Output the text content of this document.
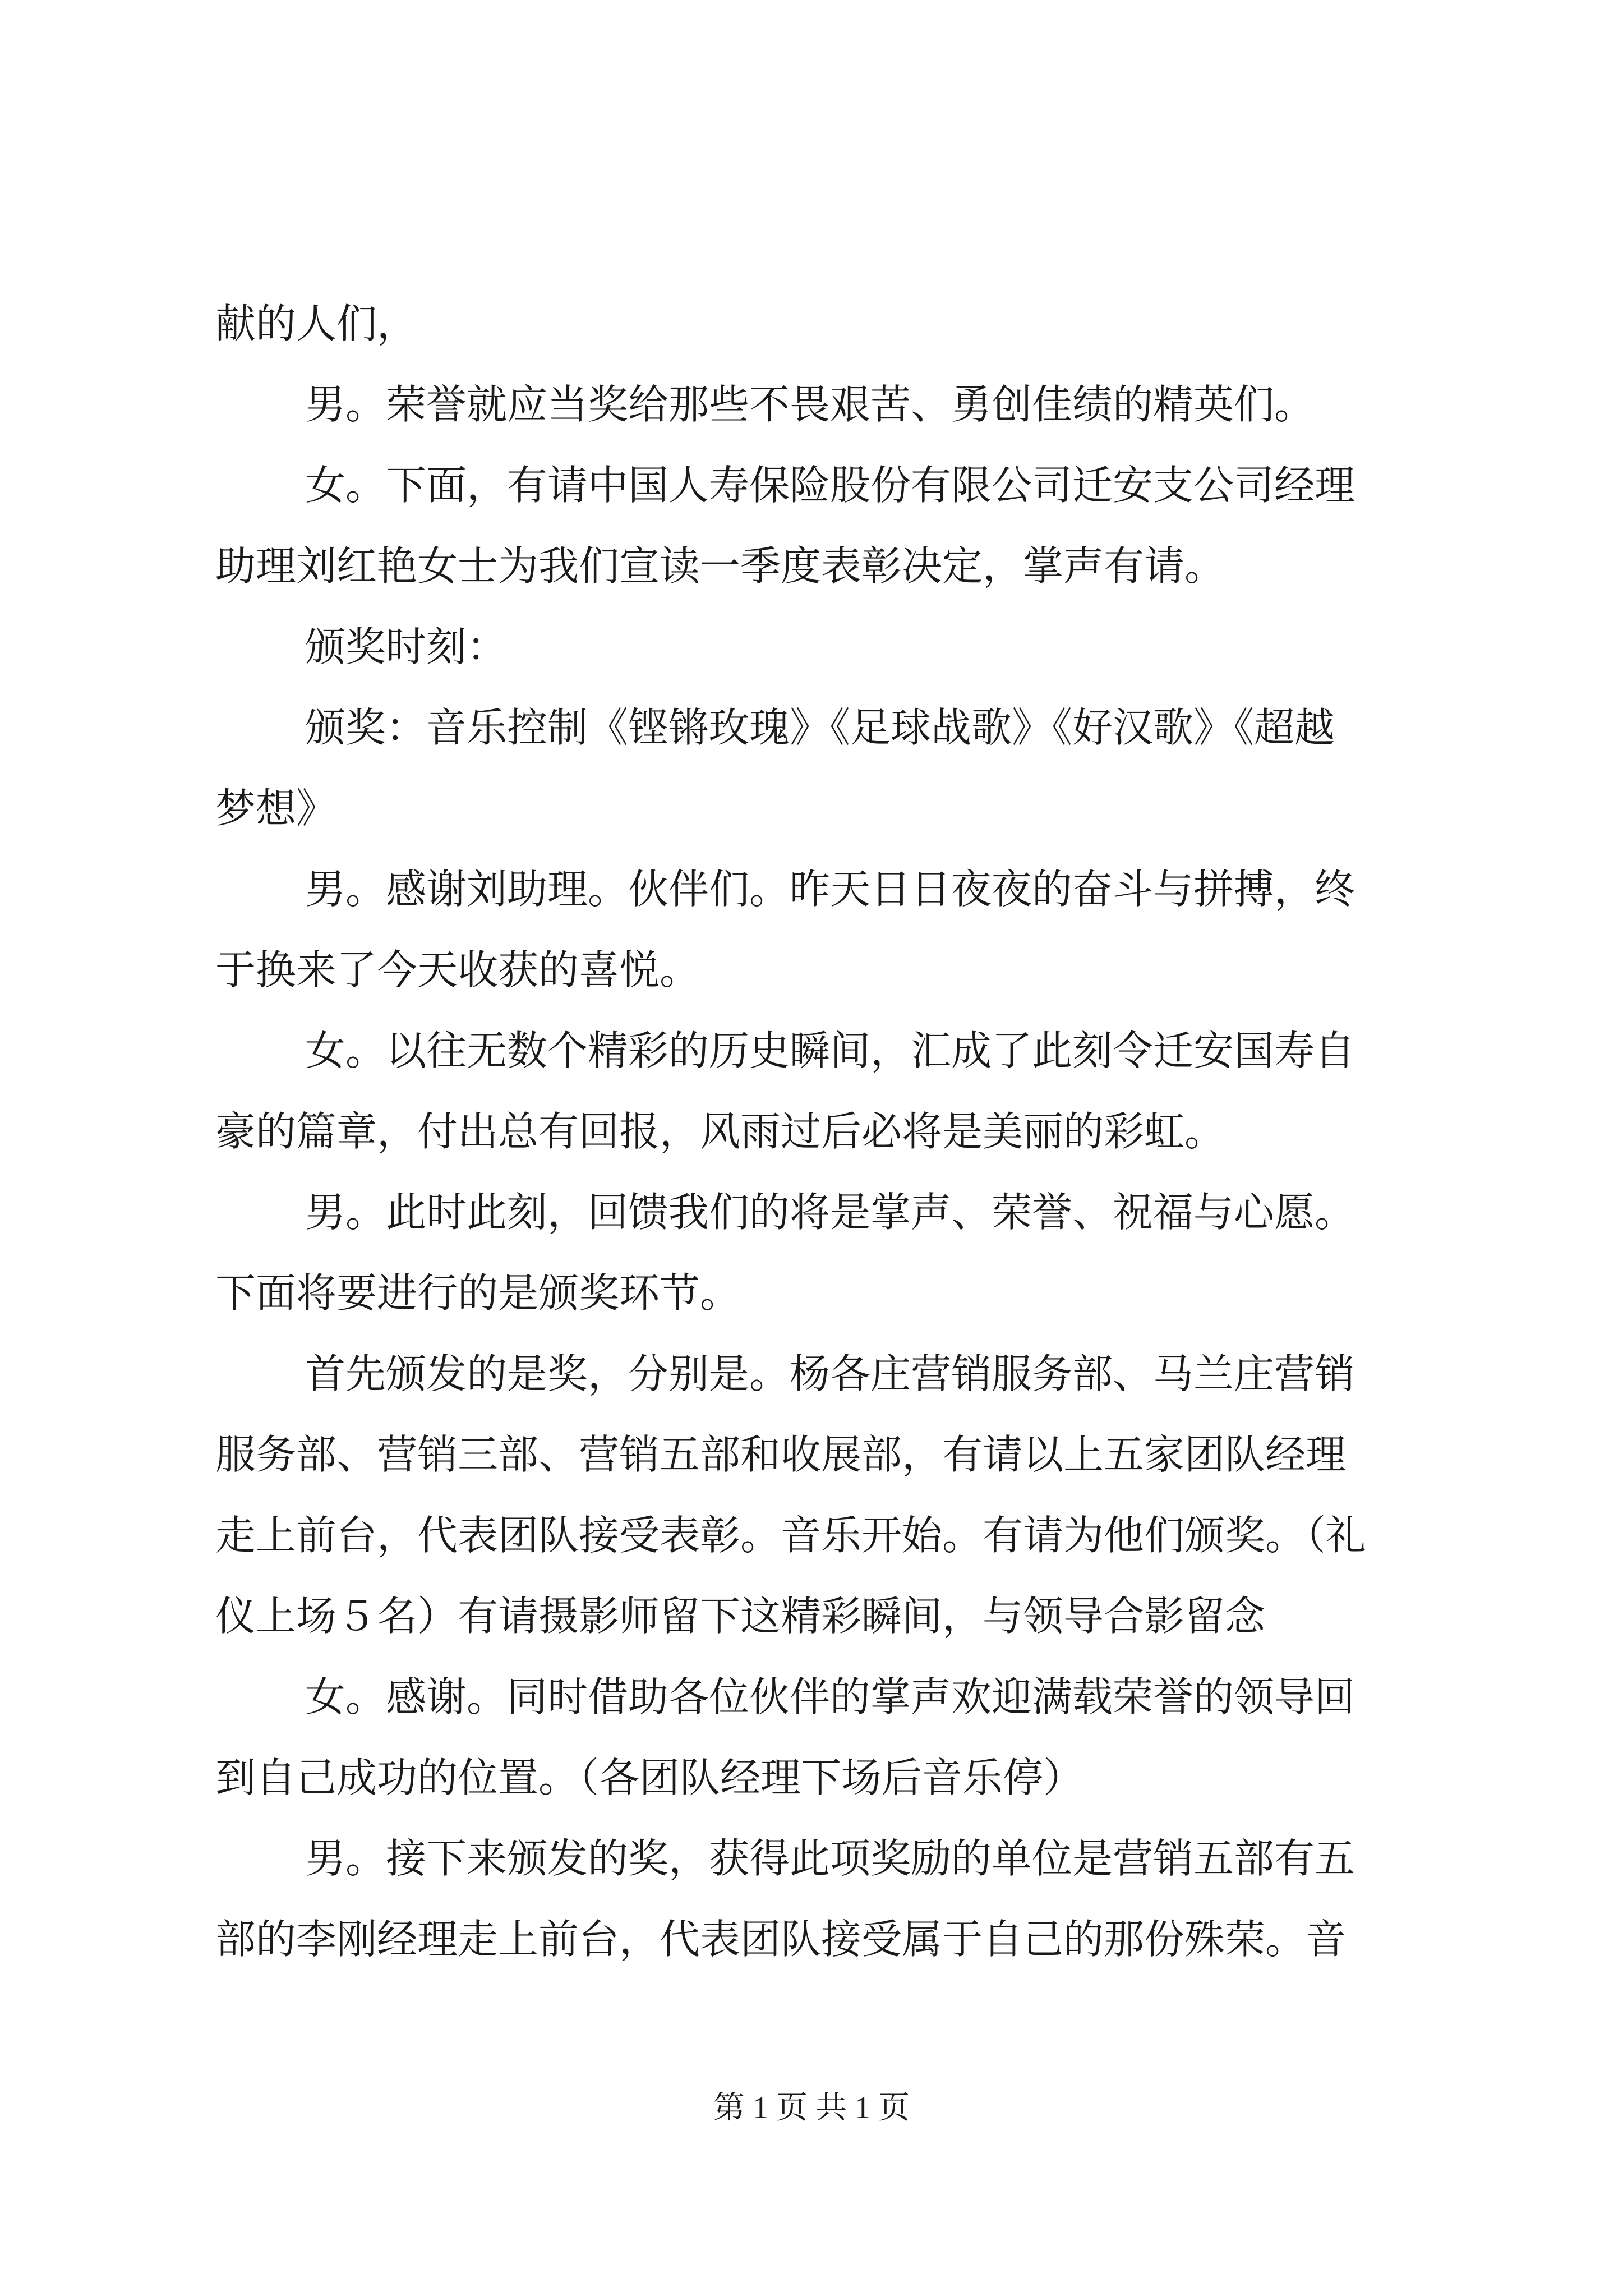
献的人们，
男。荣誉就应当奖给那些不畏艰苦、勇创佳绩的精英们。
女。下面，有请中国人寿保险股份有限公司迁安支公司经理
助理刘红艳女士为我们宣读一季度表彰决定，掌声有请。
颁奖时刻：
颁奖：音乐控制《铿锵玫瑰》《足球战歌》《好汉歌》《超越
梦想》
男。感谢刘助理。伙伴们。昨天日日夜夜的奋斗与拼搏，终
于换来了今天收获的喜悦。
女。以往无数个精彩的历史瞬间，汇成了此刻令迁安国寿自
豪的篇章，付出总有回报，风雨过后必将是美丽的彩虹。
男。此时此刻，回馈我们的将是掌声、荣誉、祝福与心愿。
下面将要进行的是颁奖环节。
首先颁发的是奖，分别是。杨各庄营销服务部、马兰庄营销
服务部、营销三部、营销五部和收展部，有请以上五家团队经理
走上前台，代表团队接受表彰。音乐开始。有请为他们颁奖。（礼
仪上场５名）有请摄影师留下这精彩瞬间，与领导合影留念
女。感谢。同时借助各位伙伴的掌声欢迎满载荣誉的领导回
到自己成功的位置。（各团队经理下场后音乐停）
男。接下来颁发的奖，获得此项奖励的单位是营销五部有五
部的李刚经理走上前台，代表团队接受属于自己的那份殊荣。音
第 1 页 共 1 页
